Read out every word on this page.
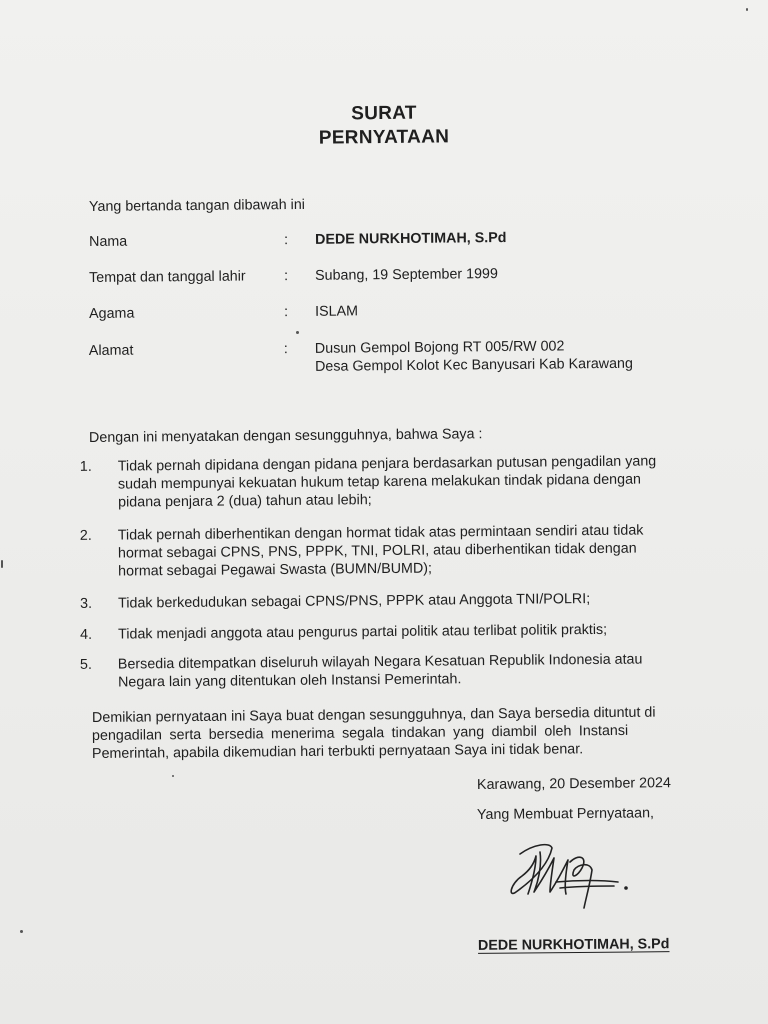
SURAT
PERNYATAAN
Yang bertanda tangan dibawah ini
Nama	: DEDE NURKHOTIMAH, S.Pd
Tempat dan tanggal lahir	: Subang, 19 September 1999
Agama	: ISLAM
Alamat	: Dusun Gempol Bojong RT 005/RW 002
Desa Gempol Kolot Kec Banyusari Kab Karawang
Dengan ini menyatakan dengan sesungguhnya, bahwa Saya :
1. Tidak pernah dipidana dengan pidana penjara berdasarkan putusan pengadilan yang
sudah mempunyai kekuatan hukum tetap karena melakukan tindak pidana dengan
pidana penjara 2 (dua) tahun atau lebih;
2. Tidak pernah diberhentikan dengan hormat tidak atas permintaan sendiri atau tidak
hormat sebagai CPNS, PNS, PPPK, TNI, POLRI, atau diberhentikan tidak dengan
hormat sebagai Pegawai Swasta (BUMN/BUMD);
3. Tidak berkedudukan sebagai CPNS/PNS, PPPK atau Anggota TNI/POLRI;
4. Tidak menjadi anggota atau pengurus partai politik atau terlibat politik praktis;
5. Bersedia ditempatkan diseluruh wilayah Negara Kesatuan Republik Indonesia atau
Negara lain yang ditentukan oleh Instansi Pemerintah.
Demikian pernyataan ini Saya buat dengan sesungguhnya, dan Saya bersedia dituntut di
pengadilan serta bersedia menerima segala tindakan yang diambil oleh Instansi
Pemerintah, apabila dikemudian hari terbukti pernyataan Saya ini tidak benar.
Karawang, 20 Desember 2024
Yang Membuat Pernyataan,
DEDE NURKHOTIMAH, S.Pd
